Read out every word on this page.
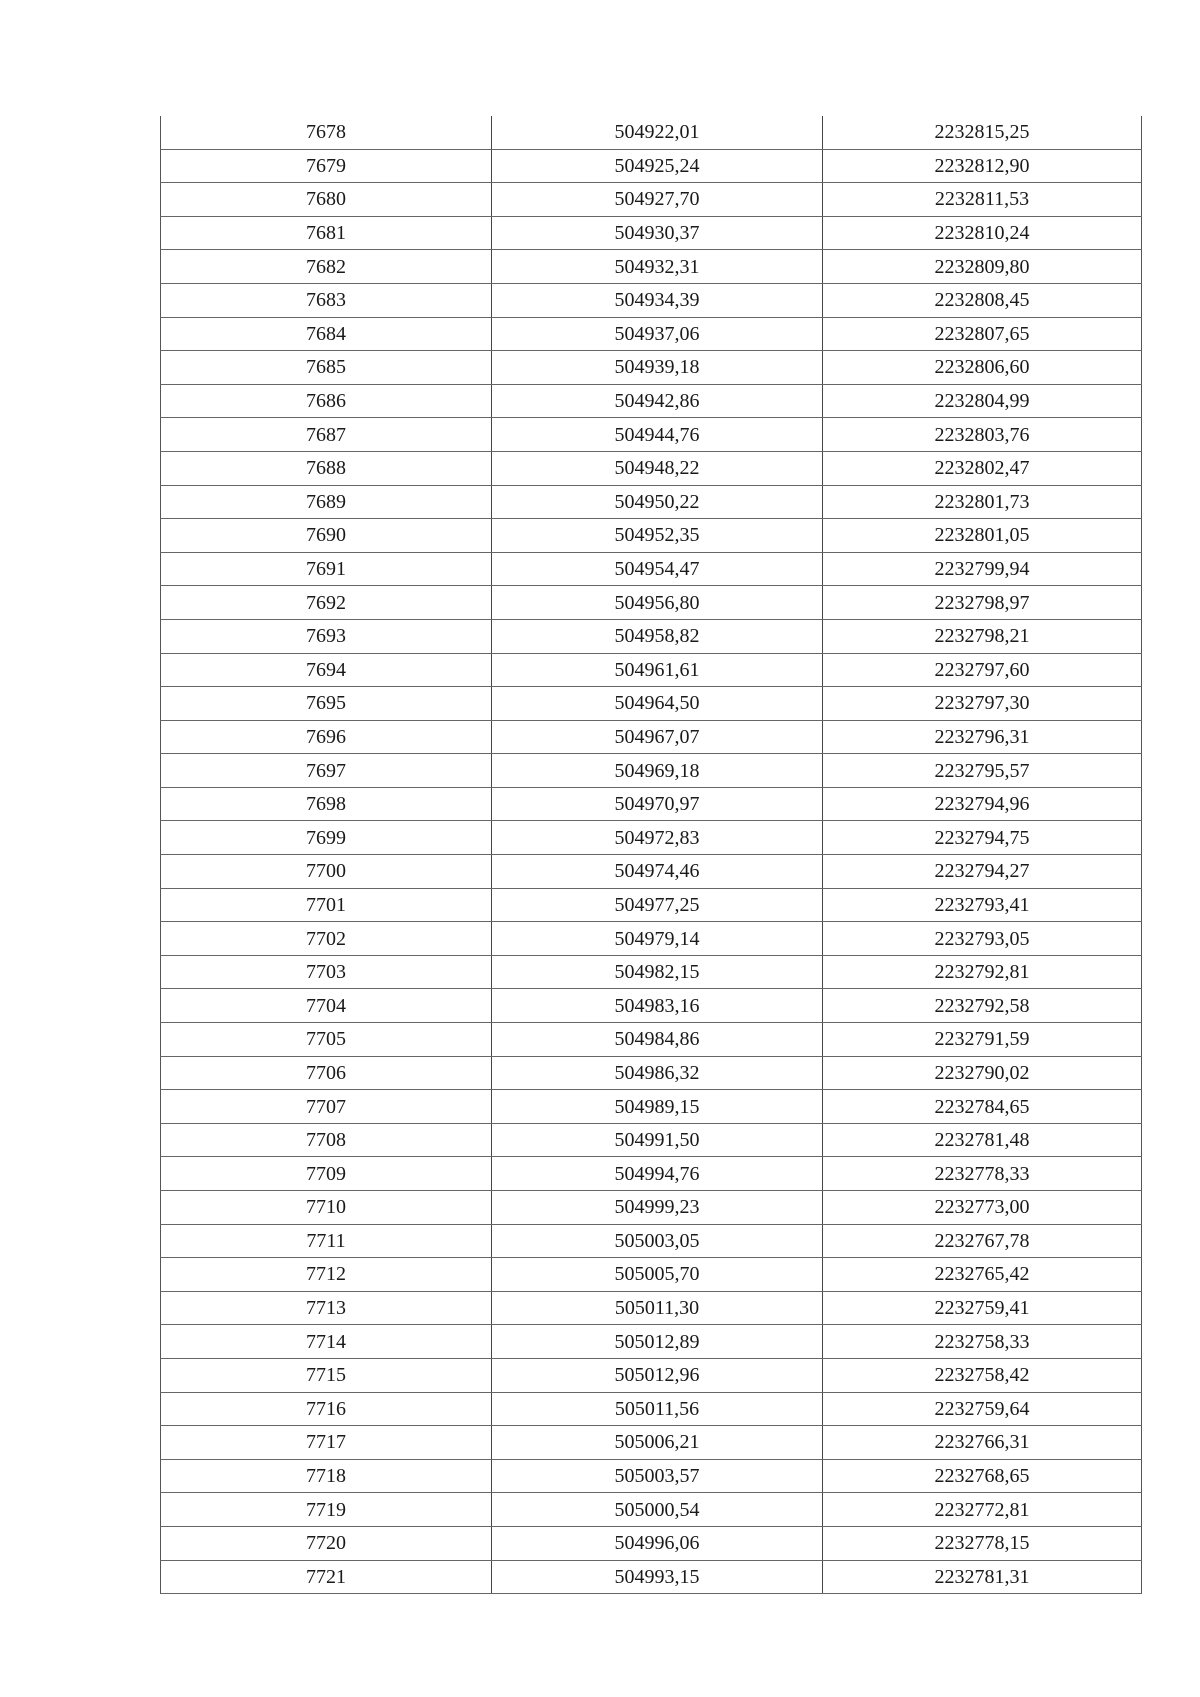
7678	504922,01	2232815,25
7679	504925,24	2232812,90
7680	504927,70	2232811,53
7681	504930,37	2232810,24
7682	504932,31	2232809,80
7683	504934,39	2232808,45
7684	504937,06	2232807,65
7685	504939,18	2232806,60
7686	504942,86	2232804,99
7687	504944,76	2232803,76
7688	504948,22	2232802,47
7689	504950,22	2232801,73
7690	504952,35	2232801,05
7691	504954,47	2232799,94
7692	504956,80	2232798,97
7693	504958,82	2232798,21
7694	504961,61	2232797,60
7695	504964,50	2232797,30
7696	504967,07	2232796,31
7697	504969,18	2232795,57
7698	504970,97	2232794,96
7699	504972,83	2232794,75
7700	504974,46	2232794,27
7701	504977,25	2232793,41
7702	504979,14	2232793,05
7703	504982,15	2232792,81
7704	504983,16	2232792,58
7705	504984,86	2232791,59
7706	504986,32	2232790,02
7707	504989,15	2232784,65
7708	504991,50	2232781,48
7709	504994,76	2232778,33
7710	504999,23	2232773,00
7711	505003,05	2232767,78
7712	505005,70	2232765,42
7713	505011,30	2232759,41
7714	505012,89	2232758,33
7715	505012,96	2232758,42
7716	505011,56	2232759,64
7717	505006,21	2232766,31
7718	505003,57	2232768,65
7719	505000,54	2232772,81
7720	504996,06	2232778,15
7721	504993,15	2232781,31
